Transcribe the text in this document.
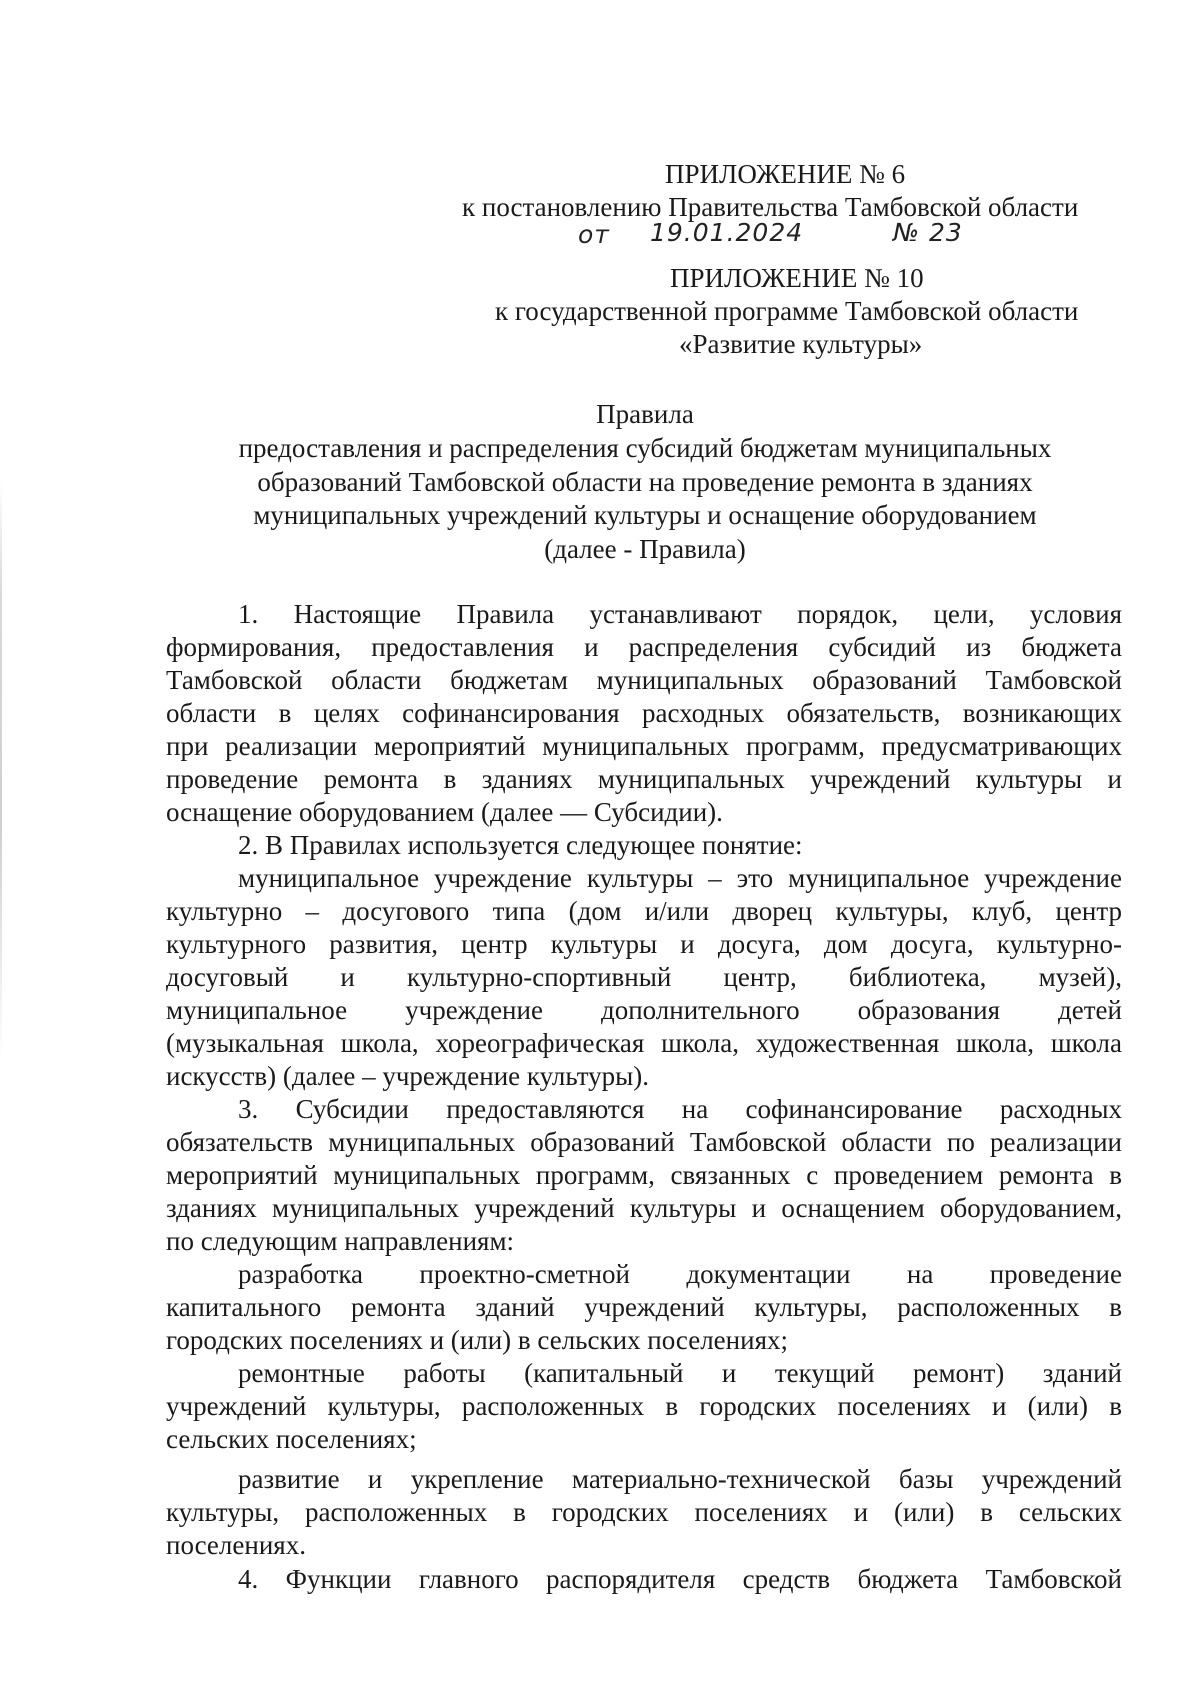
ПРИЛОЖЕНИЕ № 6
к постановлению Правительства Тамбовской области
от 19.01.2024	№ 23
ПРИЛОЖЕНИЕ № 10
к государственной программе Тамбовской области
«Развитие культуры»
Правила
предоставления и распределения субсидий бюджетам муниципальных
образований Тамбовской области на проведение ремонта в зданиях
муниципальных учреждений культуры и оснащение оборудованием
(далее - Правила)
1. Настоящие Правила устанавливают порядок, цели, условия
формирования, предоставления и распределения субсидий из бюджета
Тамбовской области бюджетам муниципальных образований Тамбовской
области в целях софинансирования расходных обязательств, возникающих
при реализации мероприятий муниципальных программ, предусматривающих
проведение ремонта в зданиях муниципальных учреждений культуры и
оснащение оборудованием (далее — Субсидии).
2. В Правилах используется следующее понятие:
муниципальное учреждение культуры – это муниципальное учреждение
культурно – досугового типа (дом и/или дворец культуры, клуб, центр
культурного развития, центр культуры и досуга, дом досуга, культурно-
досуговый и культурно-спортивный центр, библиотека, музей),
муниципальное учреждение дополнительного образования детей
(музыкальная школа, хореографическая школа, художественная школа, школа
искусств) (далее – учреждение культуры).
3. Субсидии предоставляются на софинансирование расходных
обязательств муниципальных образований Тамбовской области по реализации
мероприятий муниципальных программ, связанных с проведением ремонта в
зданиях муниципальных учреждений культуры и оснащением оборудованием,
по следующим направлениям:
разработка проектно-сметной документации на проведение
капитального ремонта зданий учреждений культуры, расположенных в
городских поселениях и (или) в сельских поселениях;
ремонтные работы (капитальный и текущий ремонт) зданий
учреждений культуры, расположенных в городских поселениях и (или) в
сельских поселениях;
развитие и укрепление материально-технической базы учреждений
культуры, расположенных в городских поселениях и (или) в сельских
поселениях.
4. Функции главного распорядителя средств бюджета Тамбовской
